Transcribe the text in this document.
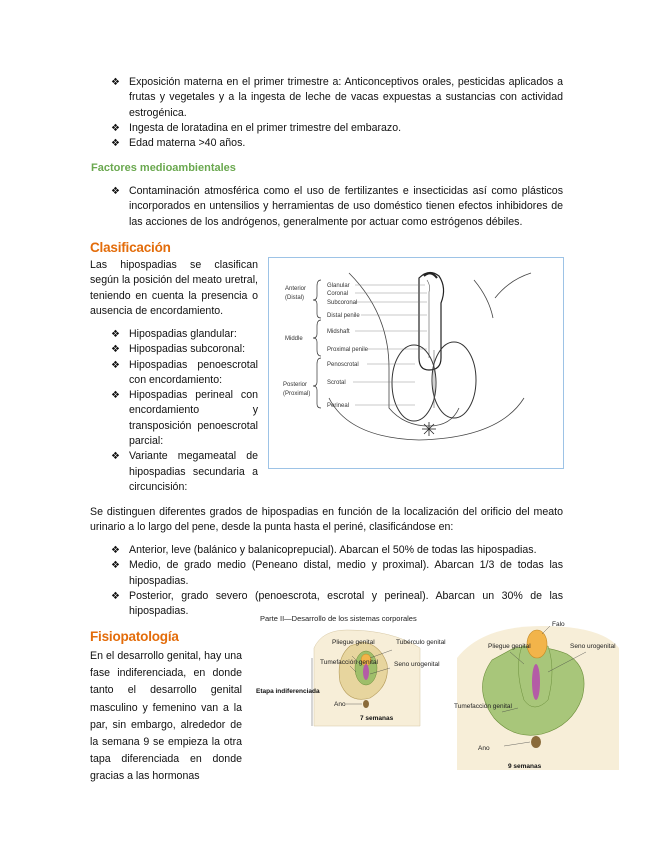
❖ Exposición materna en el primer trimestre a: Anticonceptivos orales, pesticidas aplicados a frutas y vegetales y a la ingesta de leche de vacas expuestas a sustancias con actividad estrogénica.
❖ Ingesta de loratadina en el primer trimestre del embarazo.
❖ Edad materna >40 años.
Factores medioambientales
❖ Contaminación atmosférica como el uso de fertilizantes e insecticidas así como plásticos incorporados en untensilios y herramientas de uso doméstico tienen efectos inhibidores de las acciones de los andrógenos, generalmente por actuar como estrógenos débiles.
Clasificación
Las hipospadias se clasifican según la posición del meato uretral, teniendo en cuenta la presencia o ausencia de encordamiento.
❖ Hipospadias glandular:
❖ Hipospadias subcoronal:
❖ Hipospadias penoescrotal con encordamiento:
❖ Hipospadias perineal con encordamiento y transposición penoescrotal parcial:
❖ Variante megameatal de hipospadias secundaria a circuncisión:
Anterior
(Distal)
Middle
Posterior
(Proximal)
Glanular
Coronal
Subcoronal
Distal penile
Midshaft
Proximal penile
Penoscrotal
Scrotal
Perineal
Se distinguen diferentes grados de hipospadias en función de la localización del orificio del meato urinario a lo largo del pene, desde la punta hasta el periné, clasificándose en:
❖ Anterior, leve (balánico y balanicoprepucial). Abarcan el 50% de todas las hipospadias.
❖ Medio, de grado medio (Peneano distal, medio y proximal). Abarcan 1/3 de todas las hipospadias.
❖ Posterior, grado severo (penoescrota, escrotal y perineal). Abarcan un 30% de las hipospadias.
Fisiopatología
En el desarrollo genital, hay una fase indiferenciada, en donde tanto el desarrollo genital masculino y femenino van a la par, sin embargo, alrededor de la semana 9 se empieza la otra tapa diferenciada en donde gracias a las hormonas
Parte II—Desarrollo de los sistemas corporales
Pliegue genital	Tubérculo genital
Tumefacción genital Seno urogenital
Ano
7 semanas
Etapa indiferenciada
Falo
Pliegue genital	Seno urogenital
Tumefacción genital
Ano
9 semanas
